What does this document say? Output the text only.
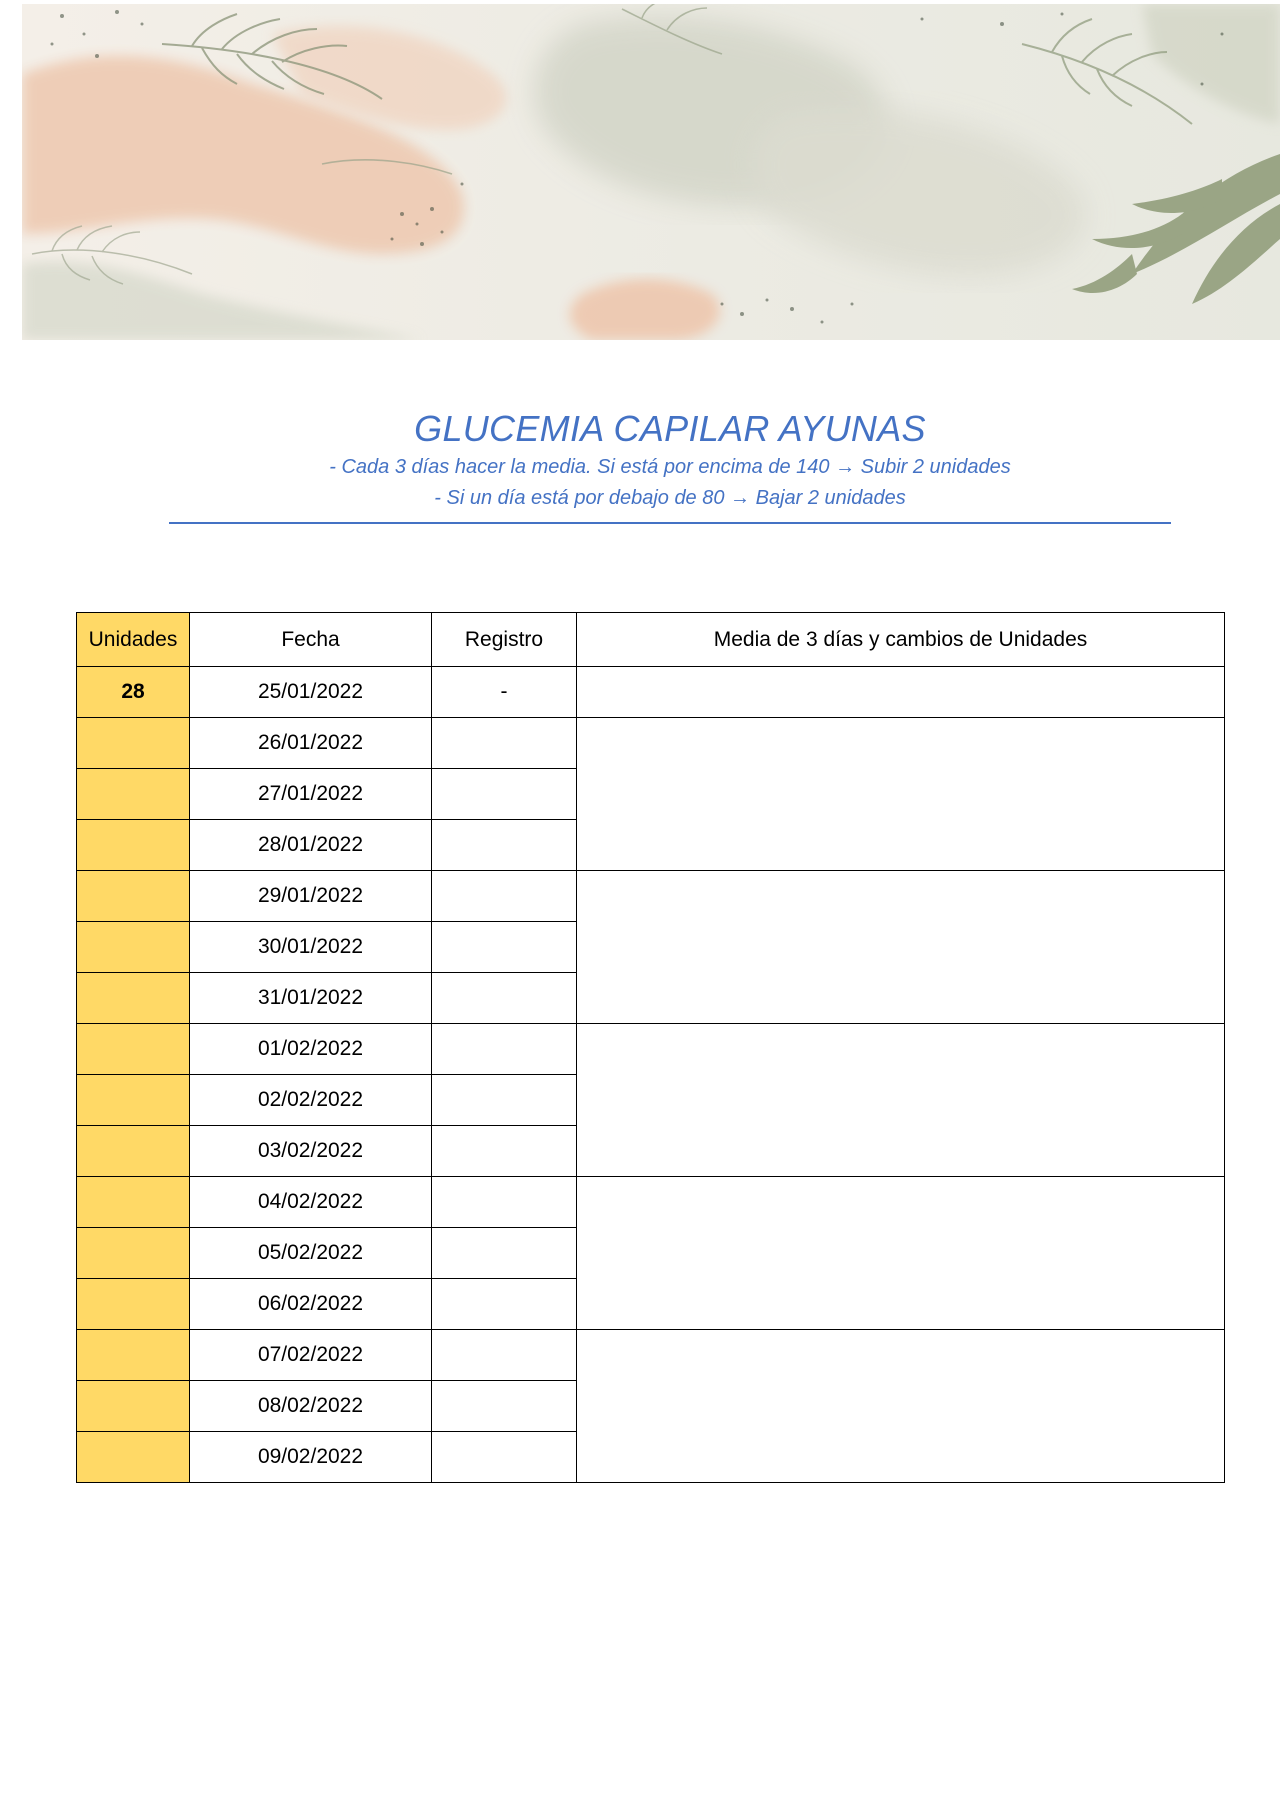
GLUCEMIA CAPILAR AYUNAS

- Cada 3 días hacer la media. Si está por encima de 140 → Subir 2 unidades

- Si un día está por debajo de 80 → Bajar 2 unidades

Unidades	Fecha	Registro	Media de 3 días y cambios de Unidades
28	25/01/2022	-	
	26/01/2022		
	27/01/2022		
	28/01/2022		
	29/01/2022		
	30/01/2022		
	31/01/2022		
	01/02/2022		
	02/02/2022		
	03/02/2022		
	04/02/2022		
	05/02/2022		
	06/02/2022		
	07/02/2022		
	08/02/2022		
	09/02/2022		
